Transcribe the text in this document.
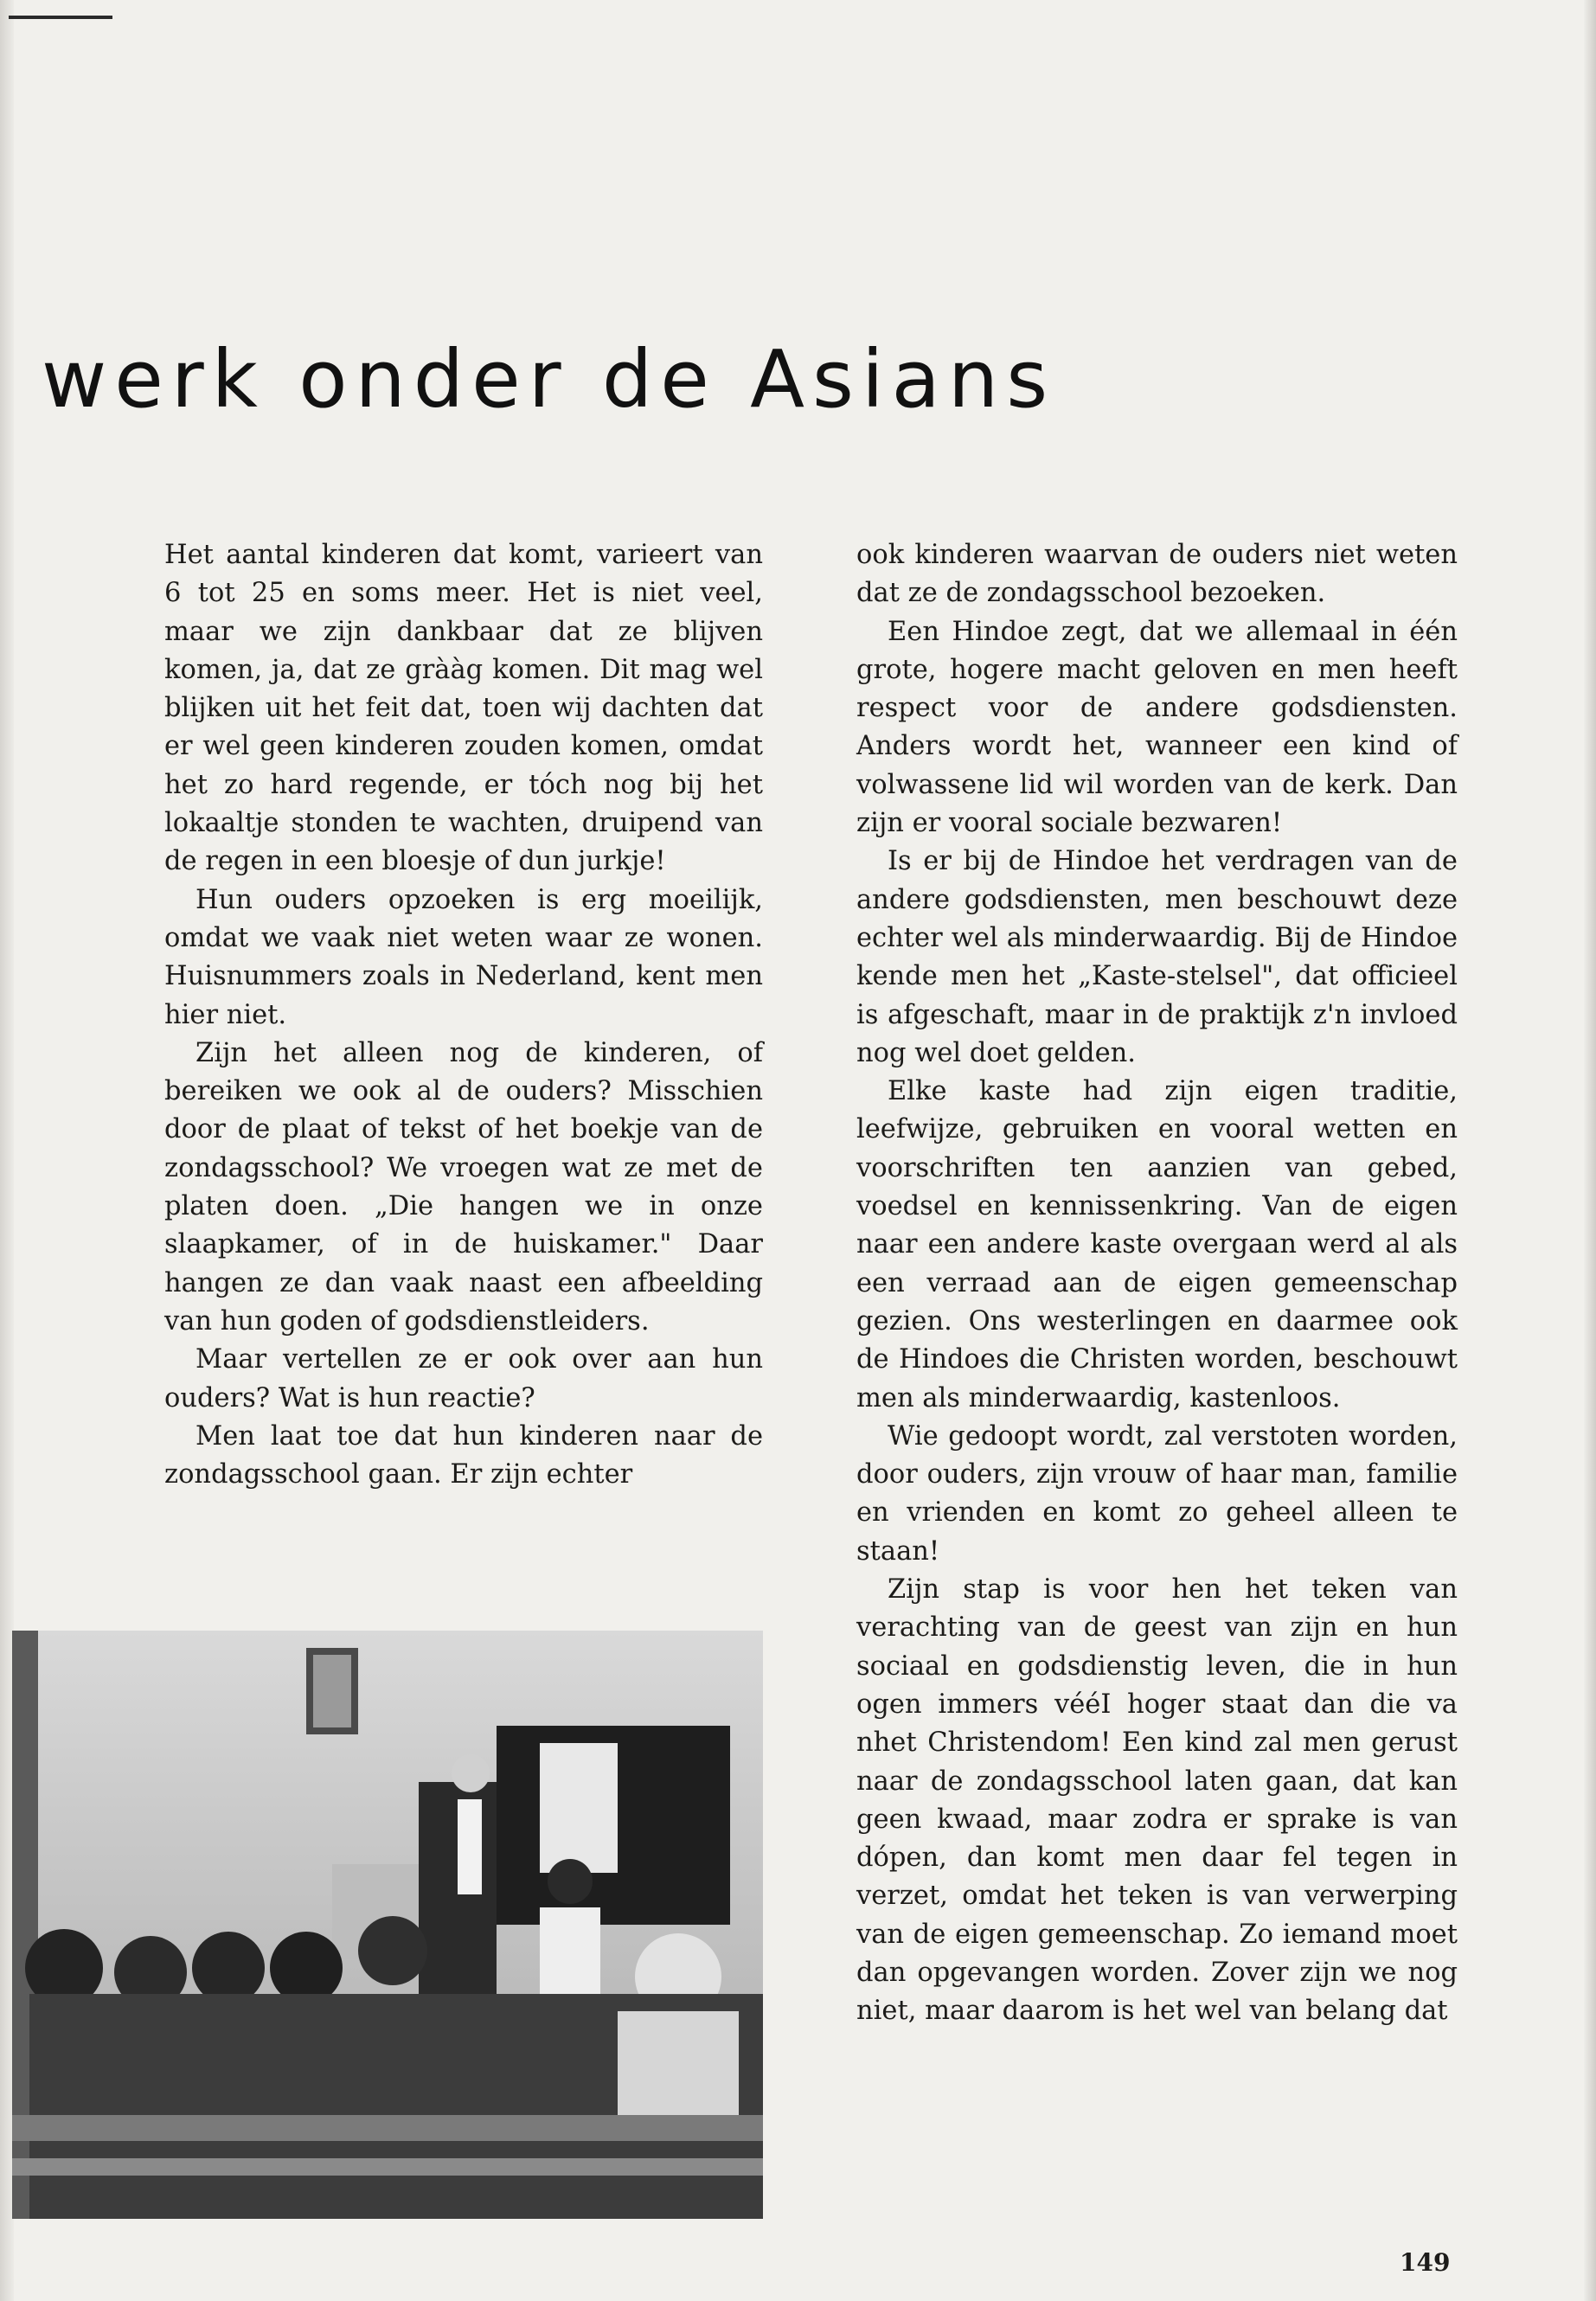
werk onder de Asians

Het aantal kinderen dat komt, varieert van 6 tot 25 en soms meer. Het is niet veel, maar we zijn dankbaar dat ze blijven komen, ja, dat ze grààg komen. Dit mag wel blijken uit het feit dat, toen wij dachten dat er wel geen kinderen zouden komen, omdat het zo hard regende, er tóch nog bij het lokaaltje stonden te wachten, druipend van de regen in een bloesje of dun jurkje!

Hun ouders opzoeken is erg moeilijk, omdat we vaak niet weten waar ze wonen. Huisnummers zoals in Nederland, kent men hier niet.

Zijn het alleen nog de kinderen, of bereiken we ook al de ouders? Misschien door de plaat of tekst of het boekje van de zondagsschool? We vroegen wat ze met de platen doen. „Die hangen we in onze slaapkamer, of in de huiskamer." Daar hangen ze dan vaak naast een afbeelding van hun goden of godsdienstleiders.

Maar vertellen ze er ook over aan hun ouders? Wat is hun reactie?

Men laat toe dat hun kinderen naar de zondagsschool gaan. Er zijn echter

ook kinderen waarvan de ouders niet weten dat ze de zondagsschool bezoeken.

Een Hindoe zegt, dat we allemaal in één grote, hogere macht geloven en men heeft respect voor de andere godsdiensten. Anders wordt het, wanneer een kind of volwassene lid wil worden van de kerk. Dan zijn er vooral sociale bezwaren!

Is er bij de Hindoe het verdragen van de andere godsdiensten, men beschouwt deze echter wel als minderwaardig. Bij de Hindoe kende men het „Kaste-stelsel", dat officieel is afgeschaft, maar in de praktijk z'n invloed nog wel doet gelden.

Elke kaste had zijn eigen traditie, leefwijze, gebruiken en vooral wetten en voorschriften ten aanzien van gebed, voedsel en kennissenkring. Van de eigen naar een andere kaste overgaan werd al als een verraad aan de eigen gemeenschap gezien. Ons westerlingen en daarmee ook de Hindoes die Christen worden, beschouwt men als minderwaardig, kastenloos.

Wie gedoopt wordt, zal verstoten worden, door ouders, zijn vrouw of haar man, familie en vrienden en komt zo geheel alleen te staan!

Zijn stap is voor hen het teken van verachting van de geest van zijn en hun sociaal en godsdienstig leven, die in hun ogen immers vééI hoger staat dan die va nhet Christendom! Een kind zal men gerust naar de zondagsschool laten gaan, dat kan geen kwaad, maar zodra er sprake is van dópen, dan komt men daar fel tegen in verzet, omdat het teken is van verwerping van de eigen gemeenschap. Zo iemand moet dan opgevangen worden. Zover zijn we nog niet, maar daarom is het wel van belang dat

149
